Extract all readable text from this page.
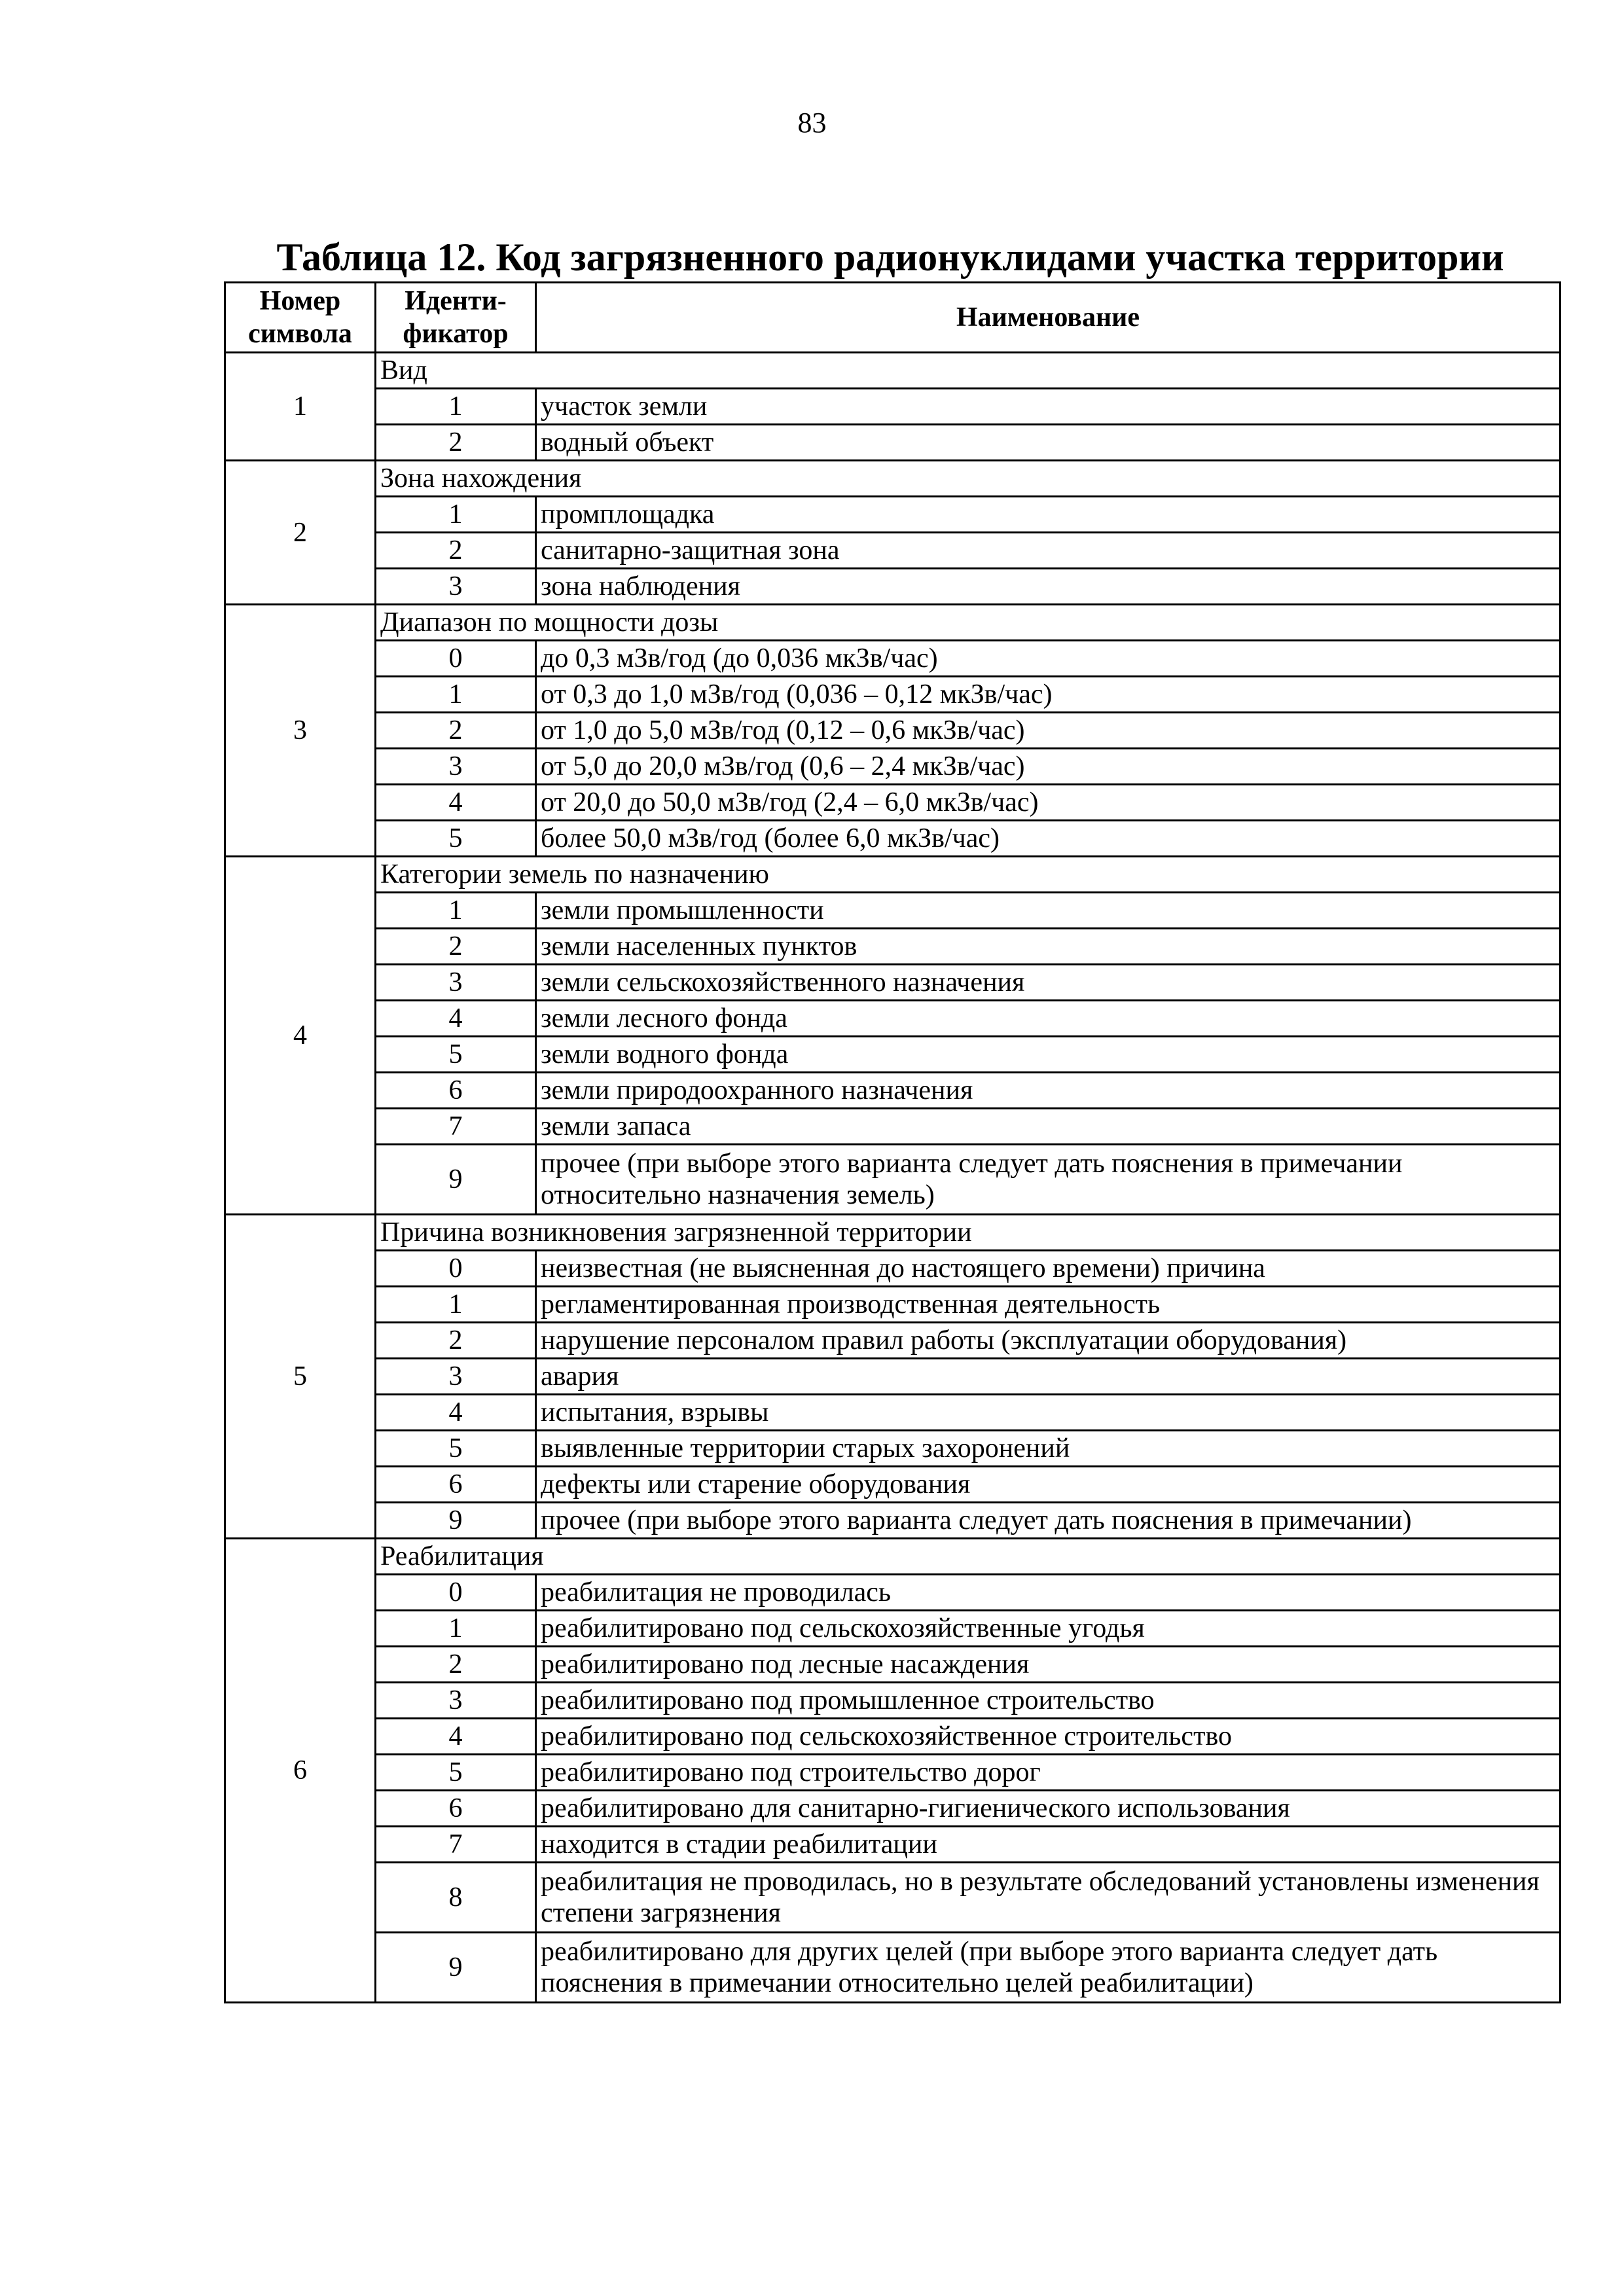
83
Таблица 12. Код загрязненного радионуклидами участка территории
Номер символа	Иденти-фикатор	Наименование
1	Вид	
	1	участок земли
	2	водный объект
2	Зона нахождения	
	1	промплощадка
	2	санитарно-защитная зона
	3	зона наблюдения
3	Диапазон по мощности дозы	
	0	до 0,3 мЗв/год (до 0,036 мкЗв/час)
	1	от 0,3 до 1,0 мЗв/год (0,036 – 0,12 мкЗв/час)
	2	от 1,0 до 5,0 мЗв/год (0,12 – 0,6 мкЗв/час)
	3	от 5,0 до 20,0 мЗв/год (0,6 – 2,4 мкЗв/час)
	4	от 20,0 до 50,0 мЗв/год (2,4 – 6,0 мкЗв/час)
	5	более 50,0 мЗв/год (более 6,0 мкЗв/час)
4	Категории земель по назначению	
	1	земли промышленности
	2	земли населенных пунктов
	3	земли сельскохозяйственного назначения
	4	земли лесного фонда
	5	земли водного фонда
	6	земли природоохранного назначения
	7	земли запаса
	9	прочее (при выборе этого варианта следует дать пояснения в примечании относительно назначения земель)
5	Причина возникновения загрязненной территории	
	0	неизвестная (не выясненная до настоящего времени) причина
	1	регламентированная производственная деятельность
	2	нарушение персоналом правил работы (эксплуатации оборудования)
	3	авария
	4	испытания, взрывы
	5	выявленные территории старых захоронений
	6	дефекты или старение оборудования
	9	прочее (при выборе этого варианта следует дать пояснения в примечании)
6	Реабилитация	
	0	реабилитация не проводилась
	1	реабилитировано под сельскохозяйственные угодья
	2	реабилитировано под лесные насаждения
	3	реабилитировано под промышленное строительство
	4	реабилитировано под сельскохозяйственное строительство
	5	реабилитировано под строительство дорог
	6	реабилитировано для санитарно-гигиенического использования
	7	находится в стадии реабилитации
	8	реабилитация не проводилась, но в результате обследований установлены изменения степени загрязнения
	9	реабилитировано для других целей (при выборе этого варианта следует дать пояснения в примечании относительно целей реабилитации)
